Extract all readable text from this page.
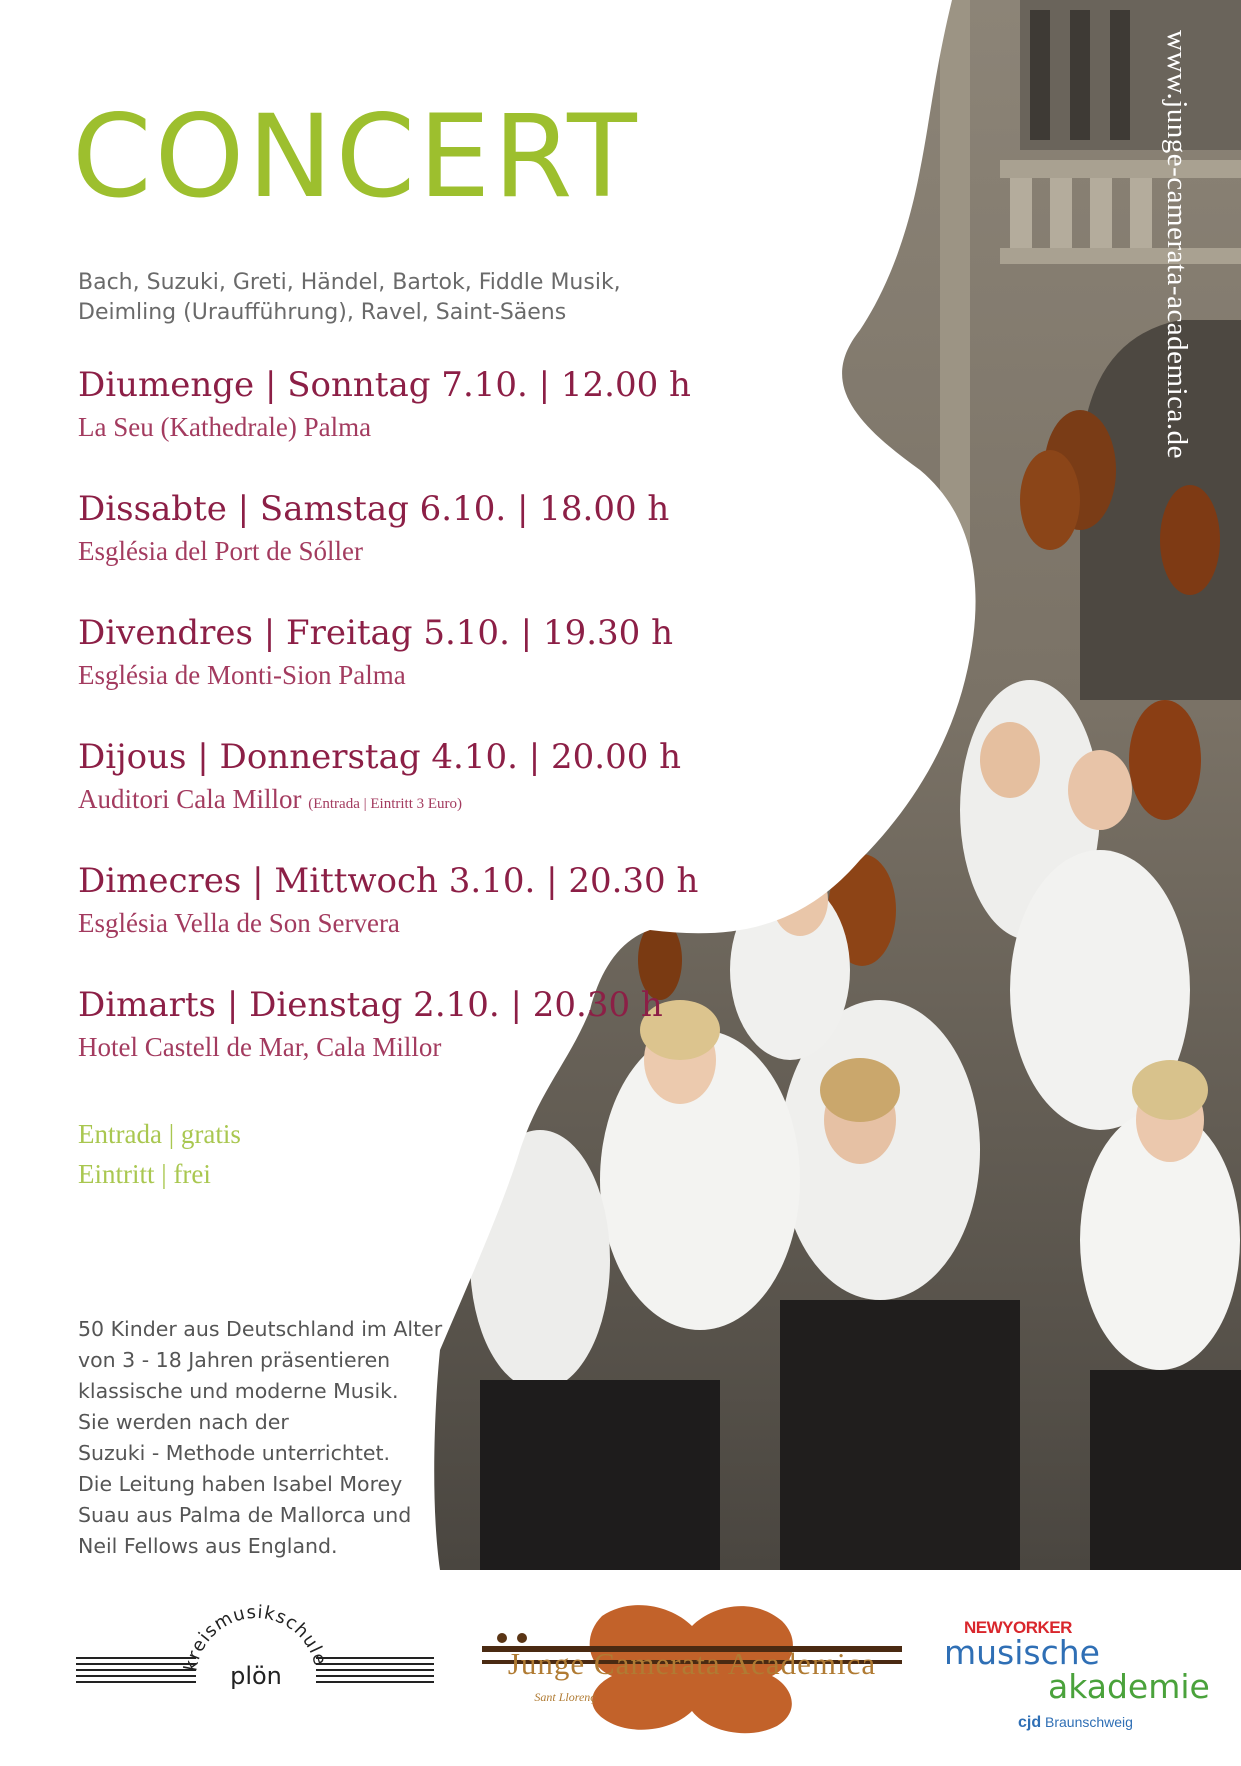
www.junge-camerata-academica.de
CONCERT
Bach, Suzuki, Greti, Händel, Bartok, Fiddle Musik,
Deimling (Uraufführung), Ravel, Saint-Säens
Diumenge | Sonntag 7.10. | 12.00 h
La Seu (Kathedrale) Palma
Dissabte | Samstag 6.10. | 18.00 h
Església del Port de Sóller
Divendres | Freitag 5.10. | 19.30 h
Església de Monti-Sion Palma
Dijous | Donnerstag 4.10. | 20.00 h
Auditori Cala Millor (Entrada | Eintritt 3 Euro)
Dimecres | Mittwoch 3.10. | 20.30 h
Església Vella de Son Servera
Dimarts | Dienstag 2.10. | 20.30 h
Hotel Castell de Mar, Cala Millor
Entrada | gratis
Eintritt | frei
50 Kinder aus Deutschland im Alter
von 3 - 18 Jahren präsentieren
klassische und moderne Musik.
Sie werden nach der
Suzuki - Methode unterrichtet.
Die Leitung haben Isabel Morey
Suau aus Palma de Mallorca und
Neil Fellows aus England.
kreismusikschule
plön	Junge Camerata Academica
Sant Llorenç
NEWYORKER
musische
akademie
cjd Braunschweig
